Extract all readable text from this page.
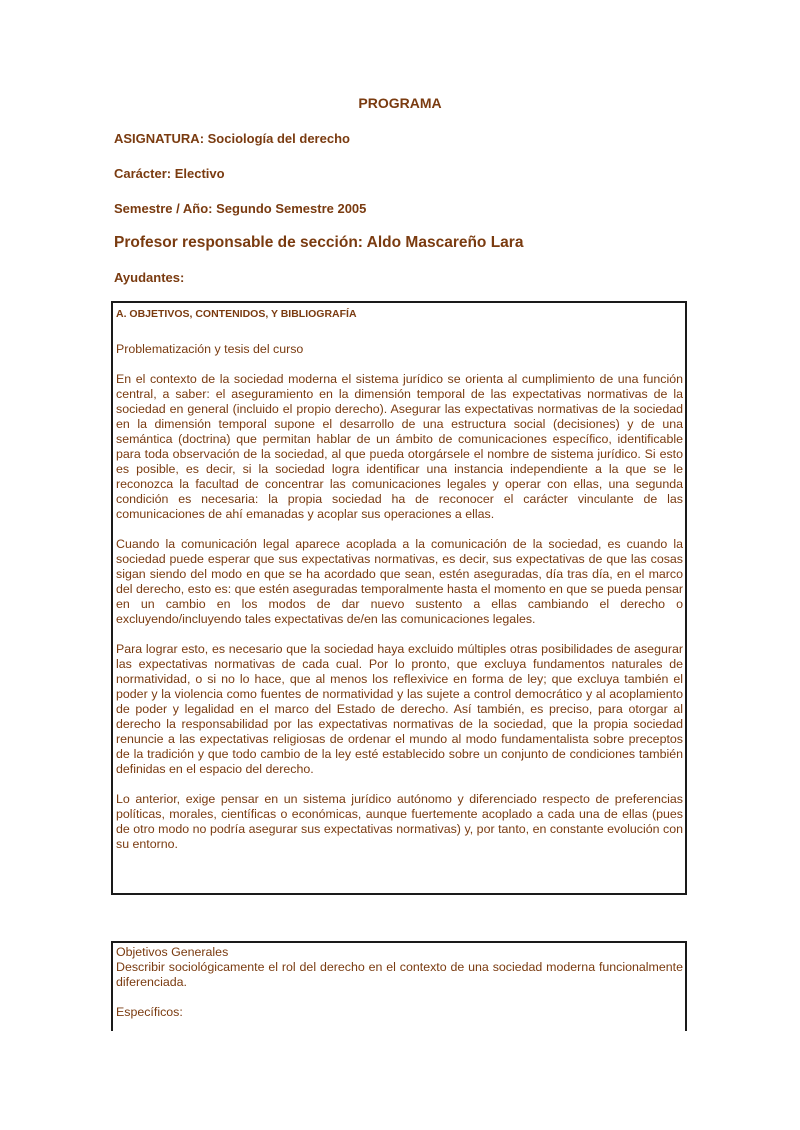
PROGRAMA
ASIGNATURA: Sociología del derecho
Carácter: Electivo
Semestre / Año: Segundo Semestre 2005
Profesor responsable de sección: Aldo Mascareño Lara
Ayudantes:
A. OBJETIVOS, CONTENIDOS, Y BIBLIOGRAFÍA
Problematización y tesis del curso
En el contexto de la sociedad moderna el sistema jurídico se orienta al cumplimiento de una función central, a saber: el aseguramiento en la dimensión temporal de las expectativas normativas de la sociedad en general (incluido el propio derecho). Asegurar las expectativas normativas de la sociedad en la dimensión temporal supone el desarrollo de una estructura social (decisiones) y de una semántica (doctrina) que permitan hablar de un ámbito de comunicaciones específico, identificable para toda observación de la sociedad, al que pueda otorgársele el nombre de sistema jurídico. Si esto es posible, es decir, si la sociedad logra identificar una instancia independiente a la que se le reconozca la facultad de concentrar las comunicaciones legales y operar con ellas, una segunda condición es necesaria: la propia sociedad ha de reconocer el carácter vinculante de las comunicaciones de ahí emanadas y acoplar sus operaciones a ellas.
Cuando la comunicación legal aparece acoplada a la comunicación de la sociedad, es cuando la sociedad puede esperar que sus expectativas normativas, es decir, sus expectativas de que las cosas sigan siendo del modo en que se ha acordado que sean, estén aseguradas, día tras día, en el marco del derecho, esto es: que estén aseguradas temporalmente hasta el momento en que se pueda pensar en un cambio en los modos de dar nuevo sustento a ellas cambiando el derecho o excluyendo/incluyendo tales expectativas de/en las comunicaciones legales.
Para lograr esto, es necesario que la sociedad haya excluido múltiples otras posibilidades de asegurar las expectativas normativas de cada cual. Por lo pronto, que excluya fundamentos naturales de normatividad, o si no lo hace, que al menos los reflexivice en forma de ley; que excluya también el poder y la violencia como fuentes de normatividad y las sujete a control democrático y al acoplamiento de poder y legalidad en el marco del Estado de derecho. Así también, es preciso, para otorgar al derecho la responsabilidad por las expectativas normativas de la sociedad, que la propia sociedad renuncie a las expectativas religiosas de ordenar el mundo al modo fundamentalista sobre preceptos de la tradición y que todo cambio de la ley esté establecido sobre un conjunto de condiciones también definidas en el espacio del derecho.
Lo anterior, exige pensar en un sistema jurídico autónomo y diferenciado respecto de preferencias políticas, morales, científicas o económicas, aunque fuertemente acoplado a cada una de ellas (pues de otro modo no podría asegurar sus expectativas normativas) y, por tanto, en constante evolución con su entorno.
Objetivos Generales
Describir sociológicamente el rol del derecho en el contexto de una sociedad moderna funcionalmente diferenciada.
Específicos:
